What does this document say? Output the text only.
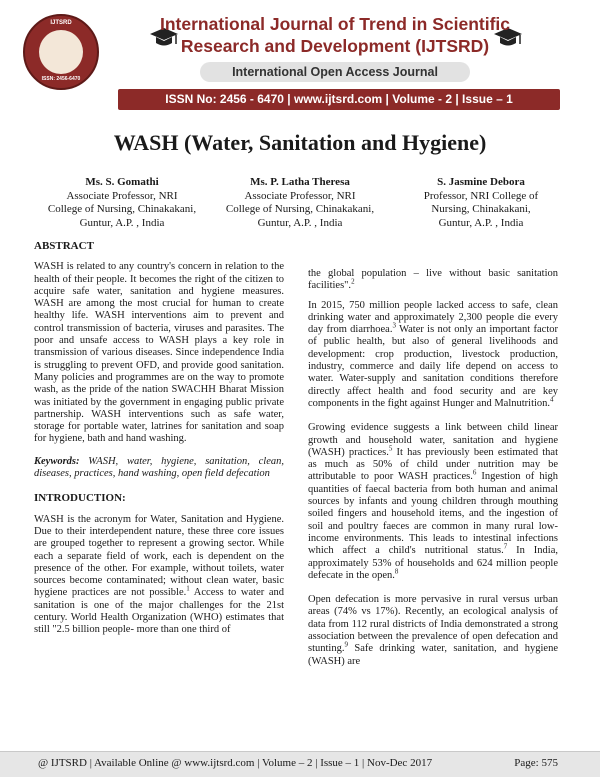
IJTSRD
ISSN: 2456-6470
International Journal of Trend in Scientific
Research and Development (IJTSRD)
International Open Access Journal
ISSN No: 2456 - 6470 | www.ijtsrd.com | Volume - 2 | Issue – 1
WASH (Water, Sanitation and Hygiene)
Ms. S. Gomathi
Associate Professor, NRI
College of Nursing, Chinakakani,
Guntur, A.P. , India
Ms. P. Latha Theresa
Associate Professor, NRI
College of Nursing, Chinakakani,
Guntur, A.P. , India
S. Jasmine Debora
Professor, NRI College of
Nursing, Chinakakani,
Guntur, A.P. , India
ABSTRACT

WASH is related to any country's concern in relation to the health of their people. It becomes the right of the citizen to acquire safe water, sanitation and hygiene measures. WASH are among the most crucial for human to create healthy life. WASH interventions aim to prevent and control transmission of bacteria, viruses and parasites. The poor and unsafe access to WASH plays a key role in transmission of various diseases. Since independence India is struggling to prevent OFD, and provide good sanitation. Many policies and programmes are on the way to promote wash, as the pride of the nation SWACHH Bharat Mission was initiated by the government in engaging public private partnership. WASH interventions such as safe water, storage for portable water, latrines for sanitation and soap for hygiene, bath and hand washing.

Keywords: WASH, water, hygiene, sanitation, clean, diseases, practices, hand washing, open field defecation

INTRODUCTION:

WASH is the acronym for Water, Sanitation and Hygiene. Due to their interdependent nature, these three core issues are grouped together to represent a growing sector. While each a separate field of work, each is dependent on the presence of the other. For example, without toilets, water sources become contaminated; without clean water, basic hygiene practices are not possible.$^1$ Access to water and sanitation is one of the major challenges for the 21st century. World Health Organization (WHO) estimates that still "2.5 billion people- more than one third of

the global population – live without basic sanitation facilities".$^2$

In 2015, 750 million people lacked access to safe, clean drinking water and approximately 2,300 people die every day from diarrhoea.$^3$ Water is not only an important factor of public health, but also of general livelihoods and development: crop production, livestock production, industry, commerce and daily life depend on access to water. Water-supply and sanitation conditions therefore directly affect health and food security and are key components in the fight against Hunger and Malnutrition.$^4$

Growing evidence suggests a link between child linear growth and household water, sanitation and hygiene (WASH) practices.$^5$ It has previously been estimated that as much as 50% of child under nutrition may be attributable to poor WASH practices.$^6$ Ingestion of high quantities of faecal bacteria from both human and animal sources by infants and young children through mouthing soiled fingers and household items, and the ingestion of soil and poultry faeces are common in many rural low-income environments. This leads to intestinal infections which affect a child's nutritional status.$^7$ In India, approximately 53% of households and 624 million people defecate in the open.$^8$

Open defecation is more pervasive in rural versus urban areas (74% vs 17%). Recently, an ecological analysis of data from 112 rural districts of India demonstrated a strong association between the prevalence of open defecation and stunting.$^9$ Safe drinking water, sanitation, and hygiene (WASH) are

@ IJTSRD | Available Online @ www.ijtsrd.com | Volume – 2 | Issue – 1 | Nov-Dec 2017	Page: 575
